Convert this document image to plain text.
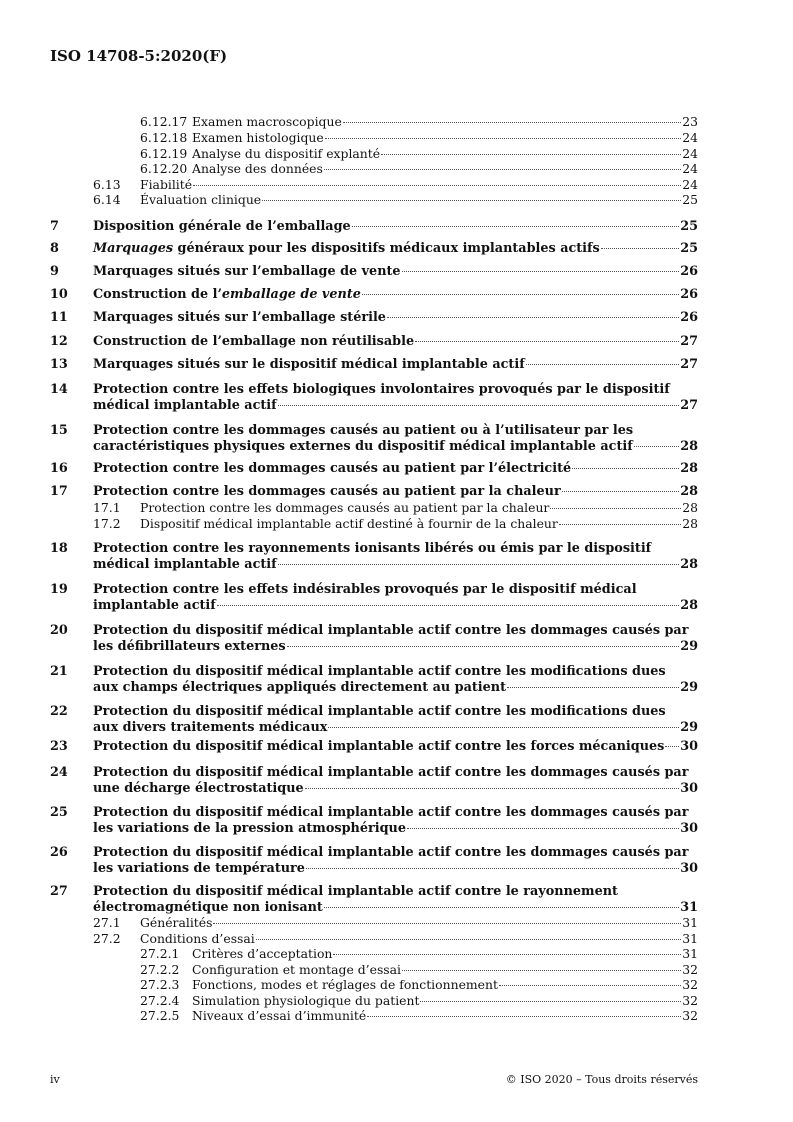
ISO 14708-5:2020(F)
6.12.17 Examen macroscopique	23
6.12.18 Examen histologique	24
6.12.19 Analyse du dispositif explanté	24
6.12.20 Analyse des données	24
6.13	Fiabilité	24
6.14	Évaluation clinique	25
7	Disposition générale de l’emballage	25
8	Marquages généraux pour les dispositifs médicaux implantables actifs	25
9	Marquages situés sur l’emballage de vente	26
10	Construction de l’emballage de vente	26
11	Marquages situés sur l’emballage stérile	26
12	Construction de l’emballage non réutilisable	27
13	Marquages situés sur le dispositif médical implantable actif	27
14 Protection contre les effets biologiques involontaires provoqués par le dispositif
médical implantable actif	27
15 Protection contre les dommages causés au patient ou à l’utilisateur par les
caractéristiques physiques externes du dispositif médical implantable actif	28
16	Protection contre les dommages causés au patient par l’électricité	28
17	Protection contre les dommages causés au patient par la chaleur	28
17.1	Protection contre les dommages causés au patient par la chaleur	28
17.2	Dispositif médical implantable actif destiné à fournir de la chaleur	28
18 Protection contre les rayonnements ionisants libérés ou émis par le dispositif
médical implantable actif	28
19 Protection contre les effets indésirables provoqués par le dispositif médical
implantable actif	28
20 Protection du dispositif médical implantable actif contre les dommages causés par
les défibrillateurs externes	29
21 Protection du dispositif médical implantable actif contre les modifications dues
aux champs électriques appliqués directement au patient	29
22 Protection du dispositif médical implantable actif contre les modifications dues
aux divers traitements médicaux	29
23	Protection du dispositif médical implantable actif contre les forces mécaniques 30
24 Protection du dispositif médical implantable actif contre les dommages causés par
une décharge électrostatique	30
25 Protection du dispositif médical implantable actif contre les dommages causés par
les variations de la pression atmosphérique	30
26 Protection du dispositif médical implantable actif contre les dommages causés par
les variations de température	30
27 Protection du dispositif médical implantable actif contre le rayonnement
électromagnétique non ionisant	31
27.1	Généralités	31
27.2	Conditions d’essai	31
27.2.1	Critères d’acceptation	31
27.2.2	Configuration et montage d’essai	32
27.2.3	Fonctions, modes et réglages de fonctionnement	32
27.2.4	Simulation physiologique du patient	32
27.2.5	Niveaux d’essai d’immunité	32
iv	© ISO 2020 – Tous droits réservés
